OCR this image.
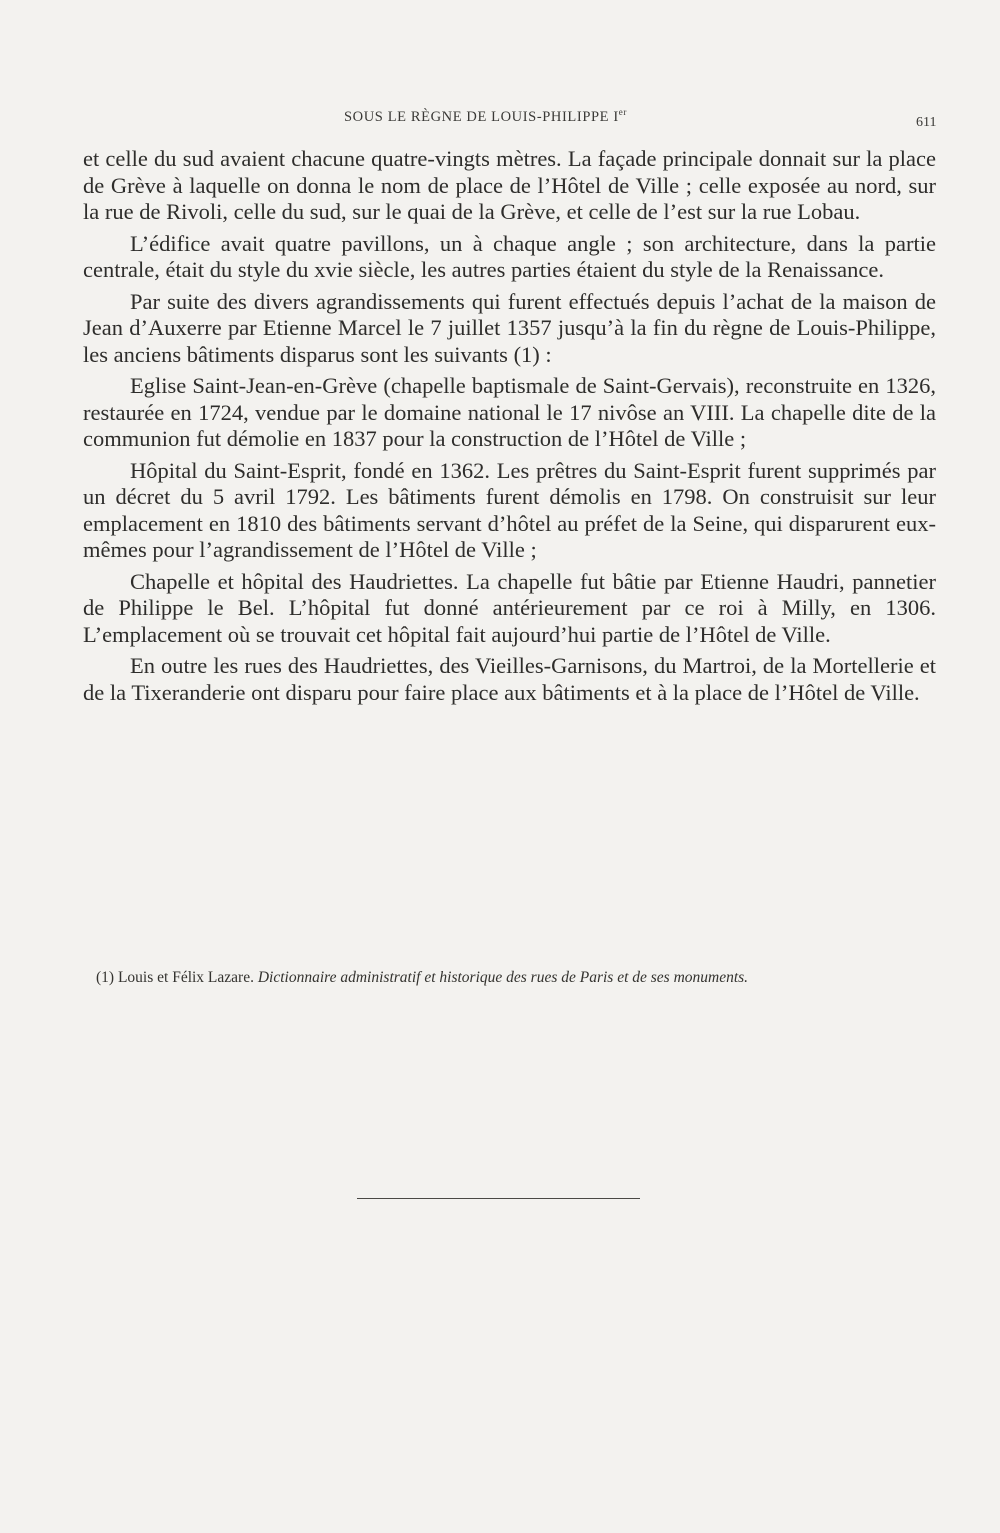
SOUS LE RÈGNE DE LOUIS-PHILIPPE Ier
611

et celle du sud avaient chacune quatre-vingts mètres. La façade principale donnait sur la place de Grève à laquelle on donna le nom de place de l’Hôtel de Ville ; celle exposée au nord, sur la rue de Rivoli, celle du sud, sur le quai de la Grève, et celle de l’est sur la rue Lobau.

L’édifice avait quatre pavillons, un à chaque angle ; son architecture, dans la partie centrale, était du style du xvie siècle, les autres parties étaient du style de la Renaissance.

Par suite des divers agrandissements qui furent effectués depuis l’achat de la maison de Jean d’Auxerre par Etienne Marcel le 7 juillet 1357 jusqu’à la fin du règne de Louis-Philippe, les anciens bâtiments disparus sont les suivants (1) :

Eglise Saint-Jean-en-Grève (chapelle baptismale de Saint-Gervais), reconstruite en 1326, restaurée en 1724, vendue par le domaine national le 17 nivôse an VIII. La chapelle dite de la communion fut démolie en 1837 pour la construction de l’Hôtel de Ville ;

Hôpital du Saint-Esprit, fondé en 1362. Les prêtres du Saint-Esprit furent supprimés par un décret du 5 avril 1792. Les bâtiments furent démolis en 1798. On construisit sur leur emplacement en 1810 des bâtiments servant d’hôtel au préfet de la Seine, qui disparurent eux-mêmes pour l’agrandissement de l’Hôtel de Ville ;

Chapelle et hôpital des Haudriettes. La chapelle fut bâtie par Etienne Haudri, pannetier de Philippe le Bel. L’hôpital fut donné antérieurement par ce roi à Milly, en 1306. L’emplacement où se trouvait cet hôpital fait aujourd’hui partie de l’Hôtel de Ville.

En outre les rues des Haudriettes, des Vieilles-Garnisons, du Martroi, de la Mortellerie et de la Tixeranderie ont disparu pour faire place aux bâtiments et à la place de l’Hôtel de Ville.

(1) Louis et Félix Lazare. Dictionnaire administratif et historique des rues de Paris et de ses monuments.
